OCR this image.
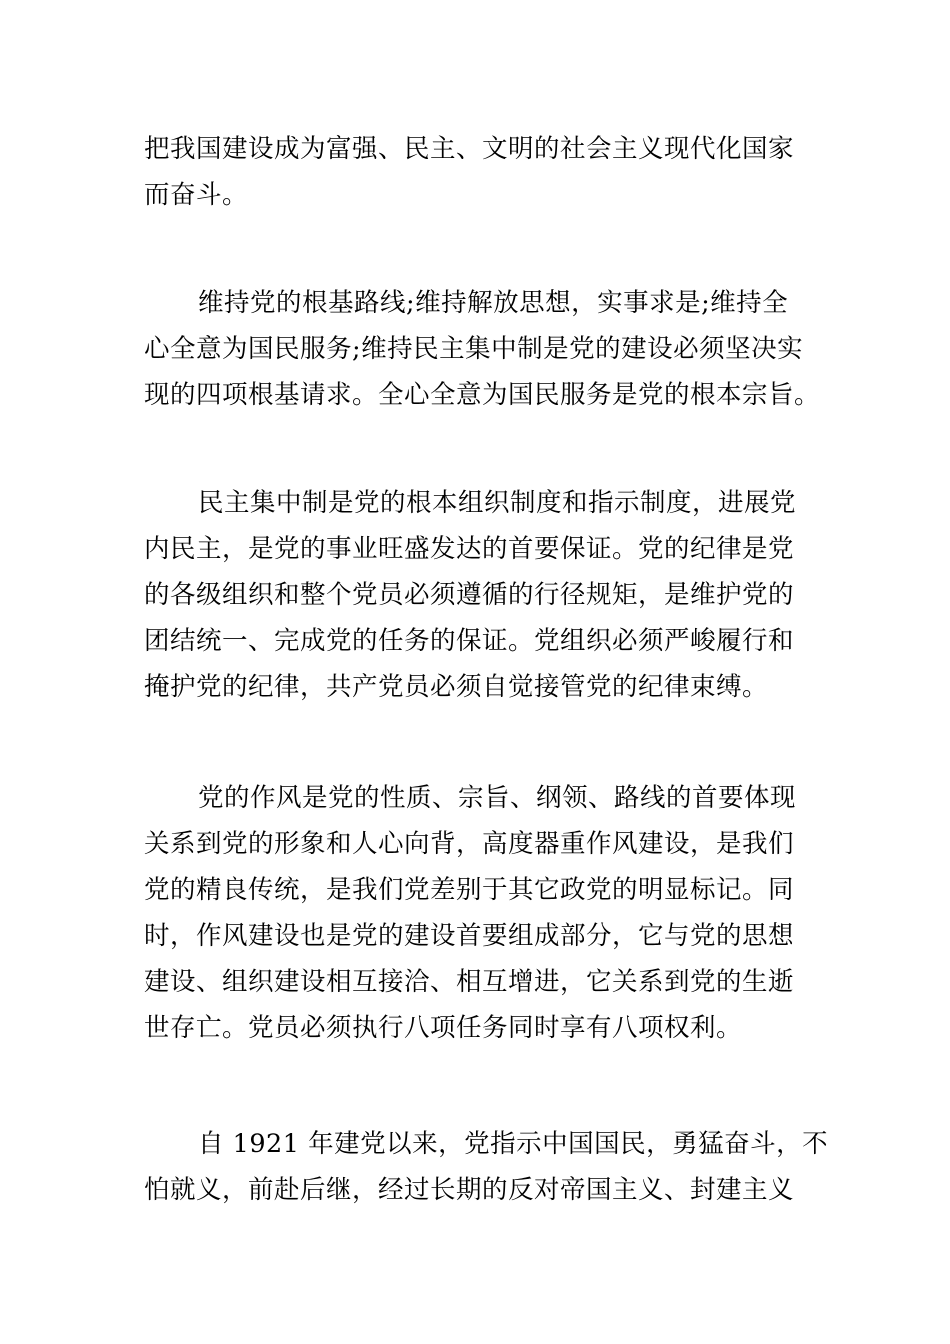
把我国建设成为富强、民主、文明的社会主义现代化国家
而奋斗。
维持党的根基路线;维持解放思想，实事求是;维持全
心全意为国民服务;维持民主集中制是党的建设必须坚决实
现的四项根基请求。全心全意为国民服务是党的根本宗旨。
民主集中制是党的根本组织制度和指示制度，进展党
内民主，是党的事业旺盛发达的首要保证。党的纪律是党
的各级组织和整个党员必须遵循的行径规矩，是维护党的
团结统一、完成党的任务的保证。党组织必须严峻履行和
掩护党的纪律，共产党员必须自觉接管党的纪律束缚。
党的作风是党的性质、宗旨、纲领、路线的首要体现
关系到党的形象和人心向背，高度器重作风建设，是我们
党的精良传统，是我们党差别于其它政党的明显标记。同
时，作风建设也是党的建设首要组成部分，它与党的思想
建设、组织建设相互接洽、相互增进，它关系到党的生逝
世存亡。党员必须执行八项任务同时享有八项权利。
自 1921 年建党以来，党指示中国国民，勇猛奋斗，不
怕就义，前赴后继，经过长期的反对帝国主义、封建主义
